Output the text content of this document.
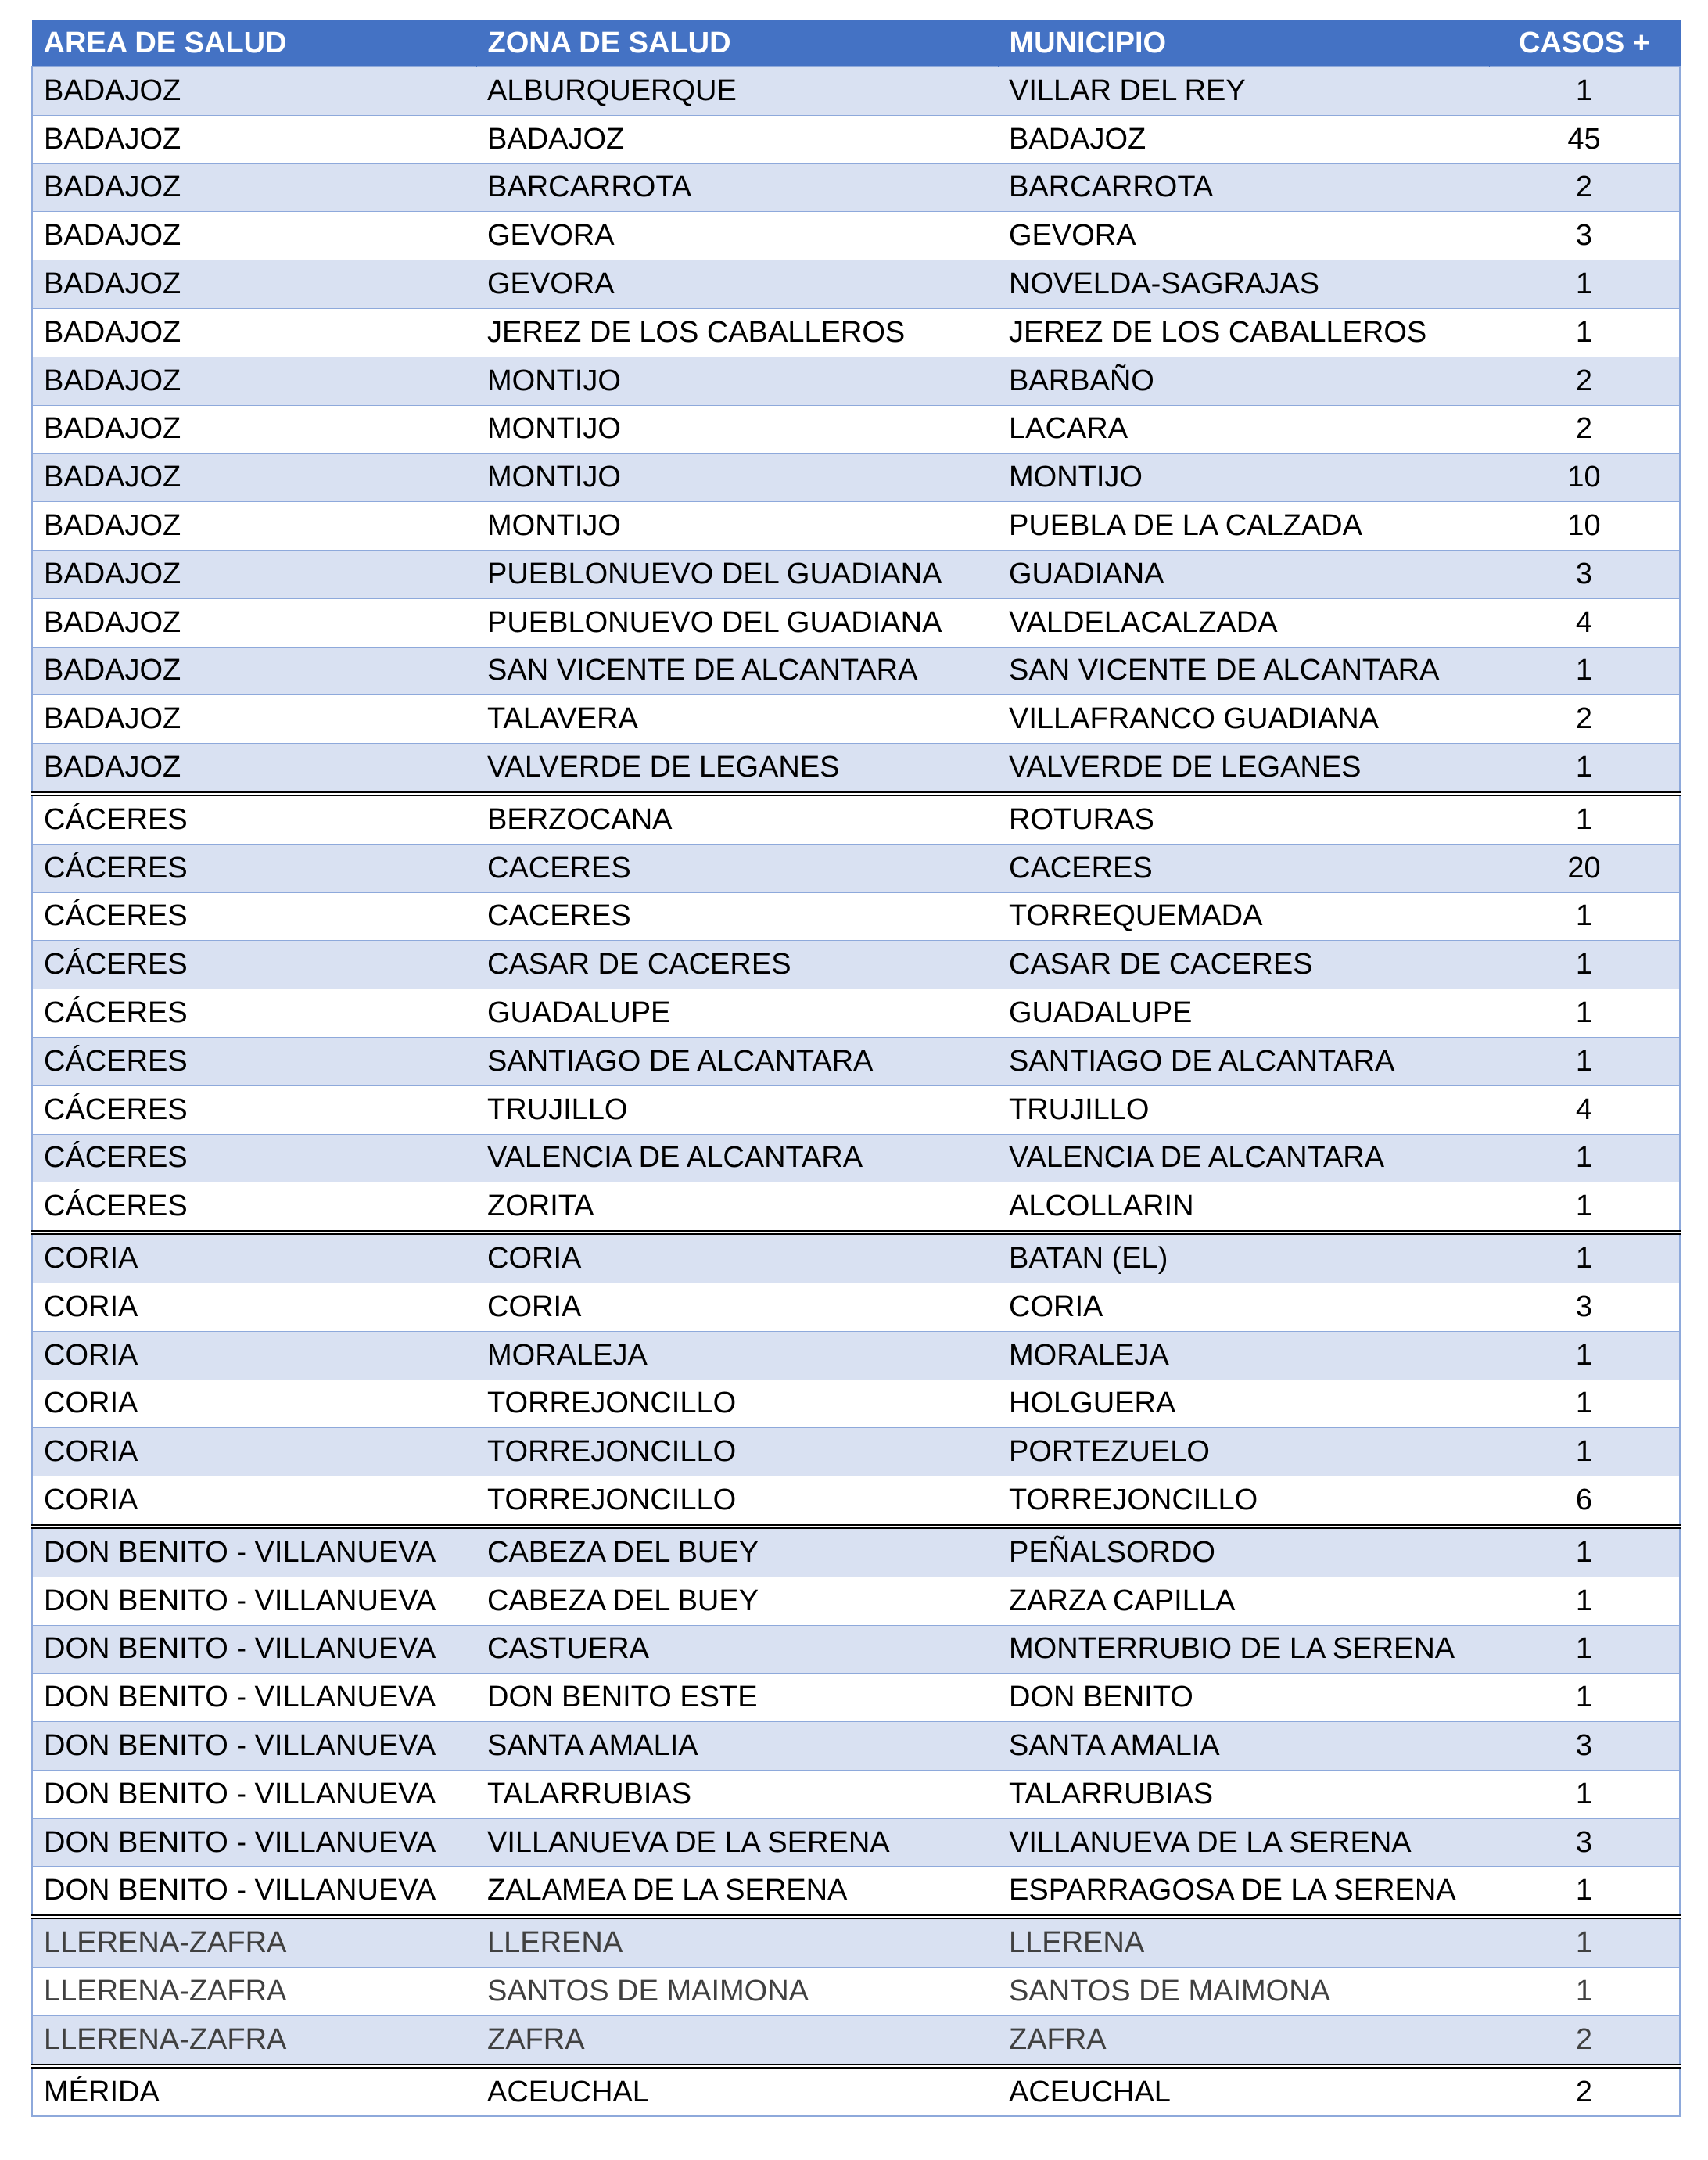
AREA DE SALUD	ZONA DE SALUD	MUNICIPIO	CASOS +
BADAJOZ	ALBURQUERQUE	VILLAR DEL REY	1
BADAJOZ	BADAJOZ	BADAJOZ	45
BADAJOZ	BARCARROTA	BARCARROTA	2
BADAJOZ	GEVORA	GEVORA	3
BADAJOZ	GEVORA	NOVELDA-SAGRAJAS	1
BADAJOZ	JEREZ DE LOS CABALLEROS	JEREZ DE LOS CABALLEROS	1
BADAJOZ	MONTIJO	BARBAÑO	2
BADAJOZ	MONTIJO	LACARA	2
BADAJOZ	MONTIJO	MONTIJO	10
BADAJOZ	MONTIJO	PUEBLA DE LA CALZADA	10
BADAJOZ	PUEBLONUEVO DEL GUADIANA	GUADIANA	3
BADAJOZ	PUEBLONUEVO DEL GUADIANA	VALDELACALZADA	4
BADAJOZ	SAN VICENTE DE ALCANTARA	SAN VICENTE DE ALCANTARA	1
BADAJOZ	TALAVERA	VILLAFRANCO GUADIANA	2
BADAJOZ	VALVERDE DE LEGANES	VALVERDE DE LEGANES	1
CÁCERES	BERZOCANA	ROTURAS	1
CÁCERES	CACERES	CACERES	20
CÁCERES	CACERES	TORREQUEMADA	1
CÁCERES	CASAR DE CACERES	CASAR DE CACERES	1
CÁCERES	GUADALUPE	GUADALUPE	1
CÁCERES	SANTIAGO DE ALCANTARA	SANTIAGO DE ALCANTARA	1
CÁCERES	TRUJILLO	TRUJILLO	4
CÁCERES	VALENCIA DE ALCANTARA	VALENCIA DE ALCANTARA	1
CÁCERES	ZORITA	ALCOLLARIN	1
CORIA	CORIA	BATAN (EL)	1
CORIA	CORIA	CORIA	3
CORIA	MORALEJA	MORALEJA	1
CORIA	TORREJONCILLO	HOLGUERA	1
CORIA	TORREJONCILLO	PORTEZUELO	1
CORIA	TORREJONCILLO	TORREJONCILLO	6
DON BENITO - VILLANUEVA	CABEZA DEL BUEY	PEÑALSORDO	1
DON BENITO - VILLANUEVA	CABEZA DEL BUEY	ZARZA CAPILLA	1
DON BENITO - VILLANUEVA	CASTUERA	MONTERRUBIO DE LA SERENA	1
DON BENITO - VILLANUEVA	DON BENITO ESTE	DON BENITO	1
DON BENITO - VILLANUEVA	SANTA AMALIA	SANTA AMALIA	3
DON BENITO - VILLANUEVA	TALARRUBIAS	TALARRUBIAS	1
DON BENITO - VILLANUEVA	VILLANUEVA DE LA SERENA	VILLANUEVA DE LA SERENA	3
DON BENITO - VILLANUEVA	ZALAMEA DE LA SERENA	ESPARRAGOSA DE LA SERENA	1
LLERENA-ZAFRA	LLERENA	LLERENA	1
LLERENA-ZAFRA	SANTOS DE MAIMONA	SANTOS DE MAIMONA	1
LLERENA-ZAFRA	ZAFRA	ZAFRA	2
MÉRIDA	ACEUCHAL	ACEUCHAL	2
